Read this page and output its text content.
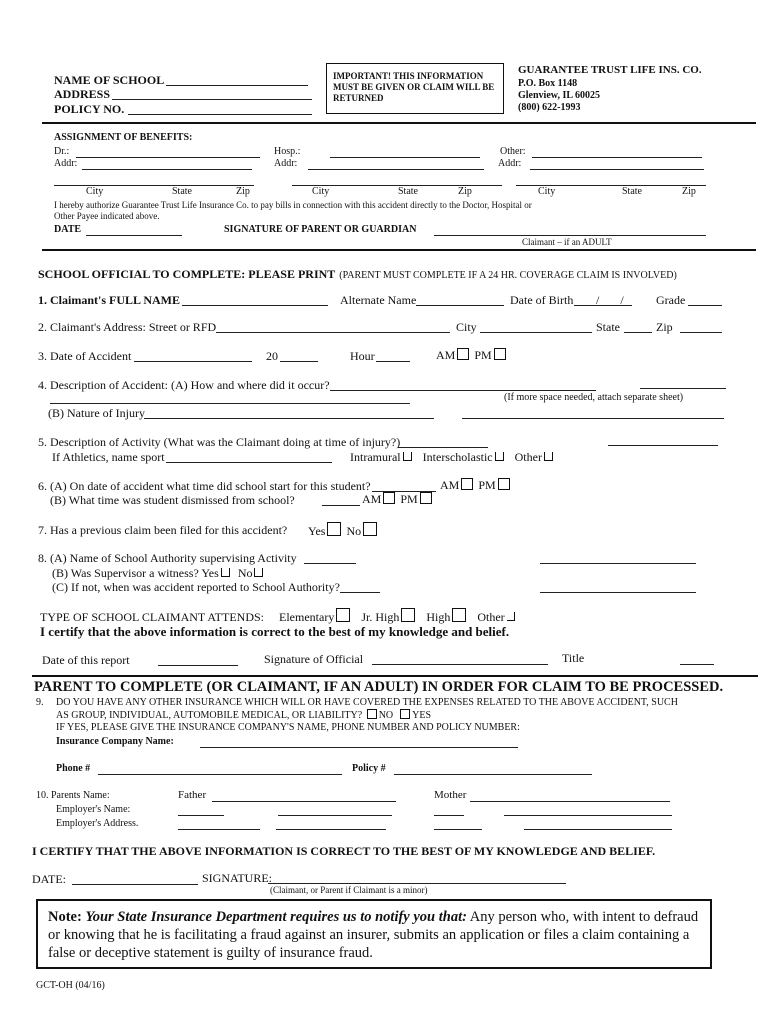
NAME OF SCHOOL
ADDRESS
POLICY NO.
IMPORTANT! THIS INFORMATION MUST BE GIVEN OR CLAIM WILL BE RETURNED
GUARANTEE TRUST LIFE INS. CO.
P.O. Box 1148
Glenview, IL 60025
(800) 622-1993
ASSIGNMENT OF BENEFITS:
Dr.:
Addr:
Hosp.:
Addr:
Other:
Addr:
City	State	Zip	City	State	Zip	City	State	Zip
I hereby authorize Guarantee Trust Life Insurance Co. to pay bills in connection with this accident directly to the Doctor, Hospital or
Other Payee indicated above.
DATE	SIGNATURE OF PARENT OR GUARDIAN
Claimant – if an ADULT
SCHOOL OFFICIAL TO COMPLETE: PLEASE PRINT (PARENT MUST COMPLETE IF A 24 HR. COVERAGE CLAIM IS INVOLVED)
1. Claimant's FULL NAME	Alternate Name	Date of Birth /       /	Grade
2. Claimant's Address: Street or RFD	City	State	Zip
3. Date of Accident	20	Hour	AM PM
4. Description of Accident: (A) How and where did it occur?
(If more space needed, attach separate sheet)
(B) Nature of Injury
5. Description of Activity (What was the Claimant doing at time of injury?)
If Athletics, name sport	Intramural Interscholastic Other
6. (A) On date of accident what time did school start for this student?	AM PM
(B) What time was student dismissed from school?	AM PM
7. Has a previous claim been filed for this accident? Yes No
8. (A) Name of School Authority supervising Activity
(B) Was Supervisor a witness? Yes No
(C) If not, when was accident reported to School Authority?
TYPE OF SCHOOL CLAIMANT ATTENDS: Elementary Jr. High High Other
I certify that the above information is correct to the best of my knowledge and belief.
Date of this report	Signature of Official	Title
PARENT TO COMPLETE (OR CLAIMANT, IF AN ADULT) IN ORDER FOR CLAIM TO BE PROCESSED.
9. DO YOU HAVE ANY OTHER INSURANCE WHICH WILL OR HAVE COVERED THE EXPENSES RELATED TO THE ABOVE ACCIDENT, SUCH
AS GROUP, INDIVIDUAL, AUTOMOBILE MEDICAL, OR LIABILITY? NO YES
IF YES, PLEASE GIVE THE INSURANCE COMPANY'S NAME, PHONE NUMBER AND POLICY NUMBER:
Insurance Company Name:
Phone #	Policy #
10. Parents Name:	Father	Mother
Employer's Name:
Employer's Address.
I CERTIFY THAT THE ABOVE INFORMATION IS CORRECT TO THE BEST OF MY KNOWLEDGE AND BELIEF.
DATE:	SIGNATURE:
(Claimant, or Parent if Claimant is a minor)
Note: Your State Insurance Department requires us to notify you that: Any person who, with intent to defraud or knowing that he is facilitating a fraud against an insurer, submits an application or files a claim containing a false or deceptive statement is guilty of insurance fraud.
GCT-OH (04/16)
